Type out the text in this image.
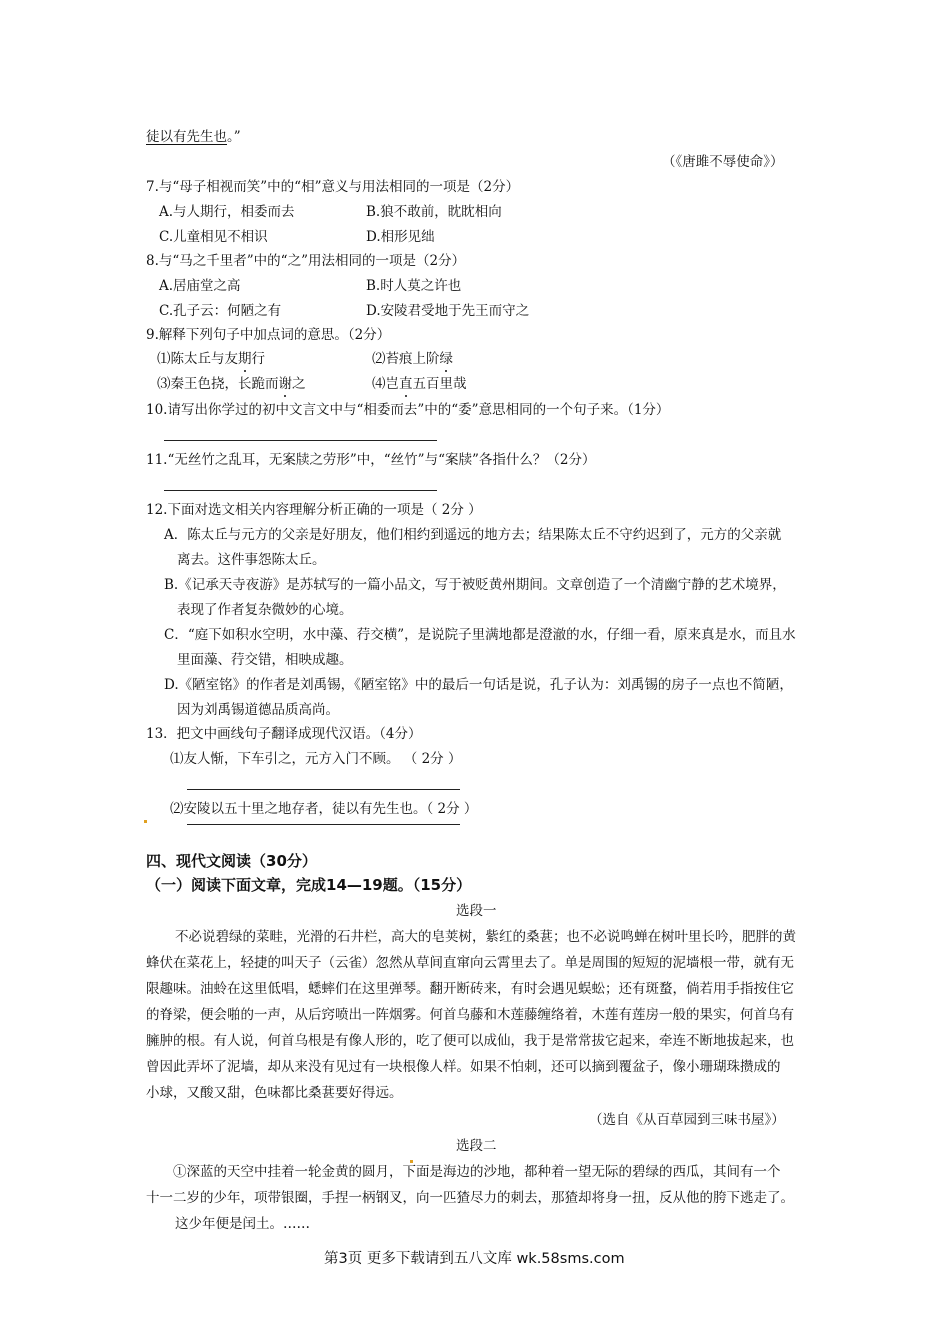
徒以有先生也。”
（《唐雎不辱使命》）
7.与“母子相视而笑”中的“相”意义与用法相同的一项是（2分）
A.与人期行，相委而去	B.狼不敢前，眈眈相向
C.儿童相见不相识	D.相形见绌
8.与“马之千里者”中的“之”用法相同的一项是（2分）
A.居庙堂之高	B.时人莫之许也
C.孔子云：何陋之有	D.安陵君受地于先王而守之
9.解释下列句子中加点词的意思。（2分）
⑴陈太丘与友期行	⑵苔痕上阶绿
⑶秦王色挠，长跪而谢之	⑷岂直五百里哉
10.请写出你学过的初中文言文中与“相委而去”中的“委”意思相同的一个句子来。（1分）
11.“无丝竹之乱耳，无案牍之劳形”中，“丝竹”与“案牍”各指什么？（2分）
12.下面对选文相关内容理解分析正确的一项是（ 2分 ）
A．陈太丘与元方的父亲是好朋友，他们相约到遥远的地方去；结果陈太丘不守约迟到了，元方的父亲就
离去。这件事怨陈太丘。
B.《记承天寺夜游》是苏轼写的一篇小品文，写于被贬黄州期间。文章创造了一个清幽宁静的艺术境界，
表现了作者复杂微妙的心境。
C．“庭下如积水空明，水中藻、荇交横”，是说院子里满地都是澄澈的水，仔细一看，原来真是水，而且水
里面藻、荇交错，相映成趣。
D.《陋室铭》的作者是刘禹锡，《陋室铭》中的最后一句话是说，孔子认为：刘禹锡的房子一点也不简陋，
因为刘禹锡道德品质高尚。
13．把文中画线句子翻译成现代汉语。（4分）
⑴友人惭，下车引之，元方入门不顾。 （ 2分 ）
⑵安陵以五十里之地存者，徒以有先生也。（ 2分 ）
四、现代文阅读（30分）
（一）阅读下面文章，完成14—19题。（15分）
选段一
不必说碧绿的菜畦，光滑的石井栏，高大的皂荚树，紫红的桑葚；也不必说鸣蝉在树叶里长吟，肥胖的黄
蜂伏在菜花上，轻捷的叫天子（云雀）忽然从草间直窜向云霄里去了。单是周围的短短的泥墙根一带，就有无
限趣味。油蛉在这里低唱，蟋蟀们在这里弹琴。翻开断砖来，有时会遇见蜈蚣；还有斑蝥，倘若用手指按住它
的脊梁，便会啪的一声，从后窍喷出一阵烟雾。何首乌藤和木莲藤缠络着，木莲有莲房一般的果实，何首乌有
臃肿的根。有人说，何首乌根是有像人形的，吃了便可以成仙，我于是常常拔它起来，牵连不断地拔起来，也
曾因此弄坏了泥墙，却从来没有见过有一块根像人样。如果不怕刺，还可以摘到覆盆子，像小珊瑚珠攒成的
小球，又酸又甜，色味都比桑葚要好得远。
（选自《从百草园到三味书屋》）
选段二
①深蓝的天空中挂着一轮金黄的圆月，下面是海边的沙地，都种着一望无际的碧绿的西瓜，其间有一个
十一二岁的少年，项带银圈，手捏一柄钢叉，向一匹猹尽力的刺去，那猹却将身一扭，反从他的胯下逃走了。
这少年便是闰土。……
第3页 更多下载请到五八文库 wk.58sms.com
